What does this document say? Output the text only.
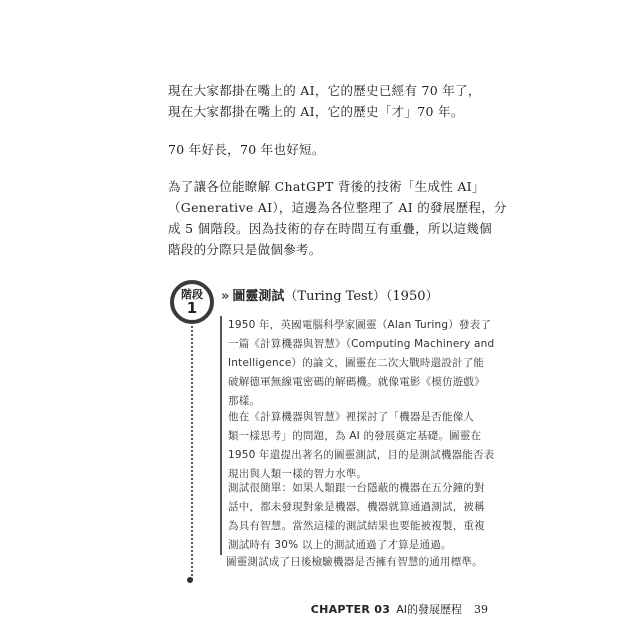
現在大家都掛在嘴上的 AI，它的歷史已經有 70 年了，
現在大家都掛在嘴上的 AI，它的歷史「才」70 年。
70 年好長，70 年也好短。
為了讓各位能瞭解 ChatGPT 背後的技術「生成性 AI」
（Generative AI），這邊為各位整理了 AI 的發展歷程，分
成 5 個階段。因為技術的存在時間互有重疊，所以這幾個
階段的分際只是做個參考。
階段
1
» 圖靈測試 （Turing Test）（1950）
1950 年，英國電腦科學家圖靈（Alan Turing）發表了
一篇《計算機器與智慧》（Computing Machinery and
Intelligence）的論文，圖靈在二次大戰時還設計了能
破解德軍無線電密碼的解碼機。就像電影《模仿遊戲》
那樣。
他在《計算機器與智慧》裡探討了「機器是否能像人
類一樣思考」的問題，為 AI 的發展奠定基礎。圖靈在
1950 年還提出著名的圖靈測試，目的是測試機器能否表
現出與人類一樣的智力水準。
測試很簡單：如果人類跟一台隱蔽的機器在五分鐘的對
話中，都未發現對象是機器，機器就算通過測試，被稱
為具有智慧。當然這樣的測試結果也要能被複製，重複
測試時有 30% 以上的測試通過了才算是通過。
圖靈測試成了日後檢驗機器是否擁有智慧的通用標準。
CHAPTER 03 AI的發展歷程 39
